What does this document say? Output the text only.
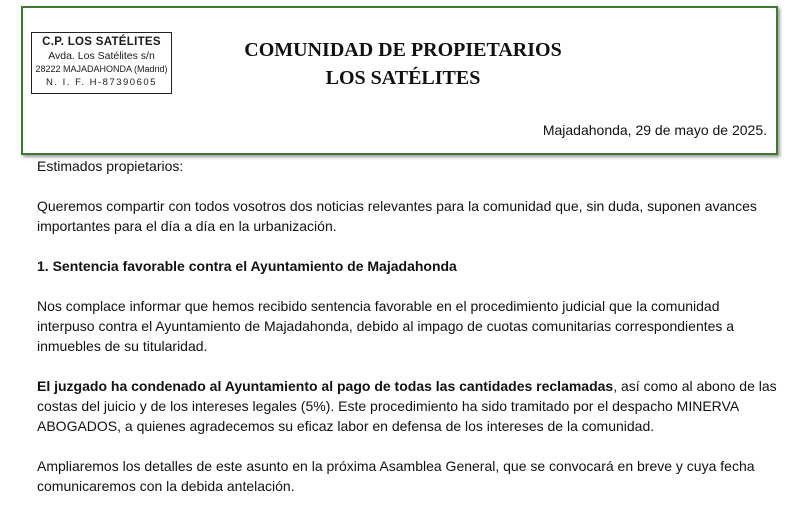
C.P. LOS SATÉLITES
Avda. Los Satélites s/n
28222 MAJADAHONDA (Madrid)
N. I. F. H-87390605
COMUNIDAD DE PROPIETARIOS
LOS SATÉLITES
Majadahonda, 29 de mayo de 2025.

Estimados propietarios:

Queremos compartir con todos vosotros dos noticias relevantes para la comunidad que, sin duda, suponen avances importantes para el día a día en la urbanización.

1. Sentencia favorable contra el Ayuntamiento de Majadahonda

Nos complace informar que hemos recibido sentencia favorable en el procedimiento judicial que la comunidad interpuso contra el Ayuntamiento de Majadahonda, debido al impago de cuotas comunitarias correspondientes a inmuebles de su titularidad.

El juzgado ha condenado al Ayuntamiento al pago de todas las cantidades reclamadas, así como al abono de las costas del juicio y de los intereses legales (5%). Este procedimiento ha sido tramitado por el despacho MINERVA ABOGADOS, a quienes agradecemos su eficaz labor en defensa de los intereses de la comunidad.

Ampliaremos los detalles de este asunto en la próxima Asamblea General, que se convocará en breve y cuya fecha comunicaremos con la debida antelación.
